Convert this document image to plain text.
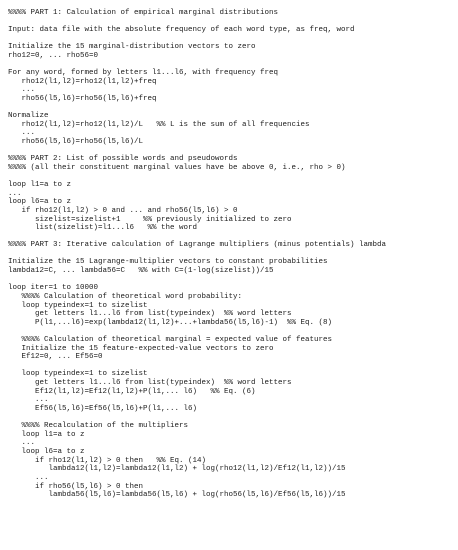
%%%% PART 1: Calculation of empirical marginal distributions
Input: data file with the absolute frequency of each word type, as freq, word
Initialize the 15 marginal-distribution vectors to zero
rho12=0, ... rho56=0
For any word, formed by letters l1...l6, with frequency freq
rho12(l1,l2)=rho12(l1,l2)+freq
...
rho56(l5,l6)=rho56(l5,l6)+freq
Normalize
rho12(l1,l2)=rho12(l1,l2)/L   %% L is the sum of all frequencies
...
rho56(l5,l6)=rho56(l5,l6)/L
%%%% PART 2: List of possible words and pseudowords
%%%% (all their constituent marginal values have be above 0, i.e., rho > 0)
loop l1=a to z
...
loop l6=a to z
if rho12(l1,l2) > 0 and ... and rho56(l5,l6) > 0
sizelist=sizelist+1     %% previously initialized to zero
list(sizelist)=l1...l6   %% the word
%%%% PART 3: Iterative calculation of Lagrange multipliers (minus potentials) lambda
Initialize the 15 Lagrange-multiplier vectors to constant probabilities
lambda12=C, ... lambda56=C   %% with C=(1-log(sizelist))/15
loop iter=1 to 10000
%%%% Calculation of theoretical word probability:
loop typeindex=1 to sizelist
get letters l1...l6 from list(typeindex)  %% word letters
P(l1,...l6)=exp(lambda12(l1,l2)+...+lambda56(l5,l6)-1)  %% Eq. (8)
%%%% Calculation of theoretical marginal = expected value of features
Initialize the 15 feature-expected-value vectors to zero
Ef12=0, ... Ef56=0
loop typeindex=1 to sizelist
get letters l1...l6 from list(typeindex)  %% word letters
Ef12(l1,l2)=Ef12(l1,l2)+P(l1,... l6)   %% Eq. (6)
...
Ef56(l5,l6)=Ef56(l5,l6)+P(l1,... l6)
%%%% Recalculation of the multipliers
loop l1=a to z
...
loop l6=a to z
if rho12(l1,l2) > 0 then   %% Eq. (14)
lambda12(l1,l2)=lambda12(l1,l2) + log(rho12(l1,l2)/Ef12(l1,l2))/15
...
if rho56(l5,l6) > 0 then
lambda56(l5,l6)=lambda56(l5,l6) + log(rho56(l5,l6)/Ef56(l5,l6))/15
